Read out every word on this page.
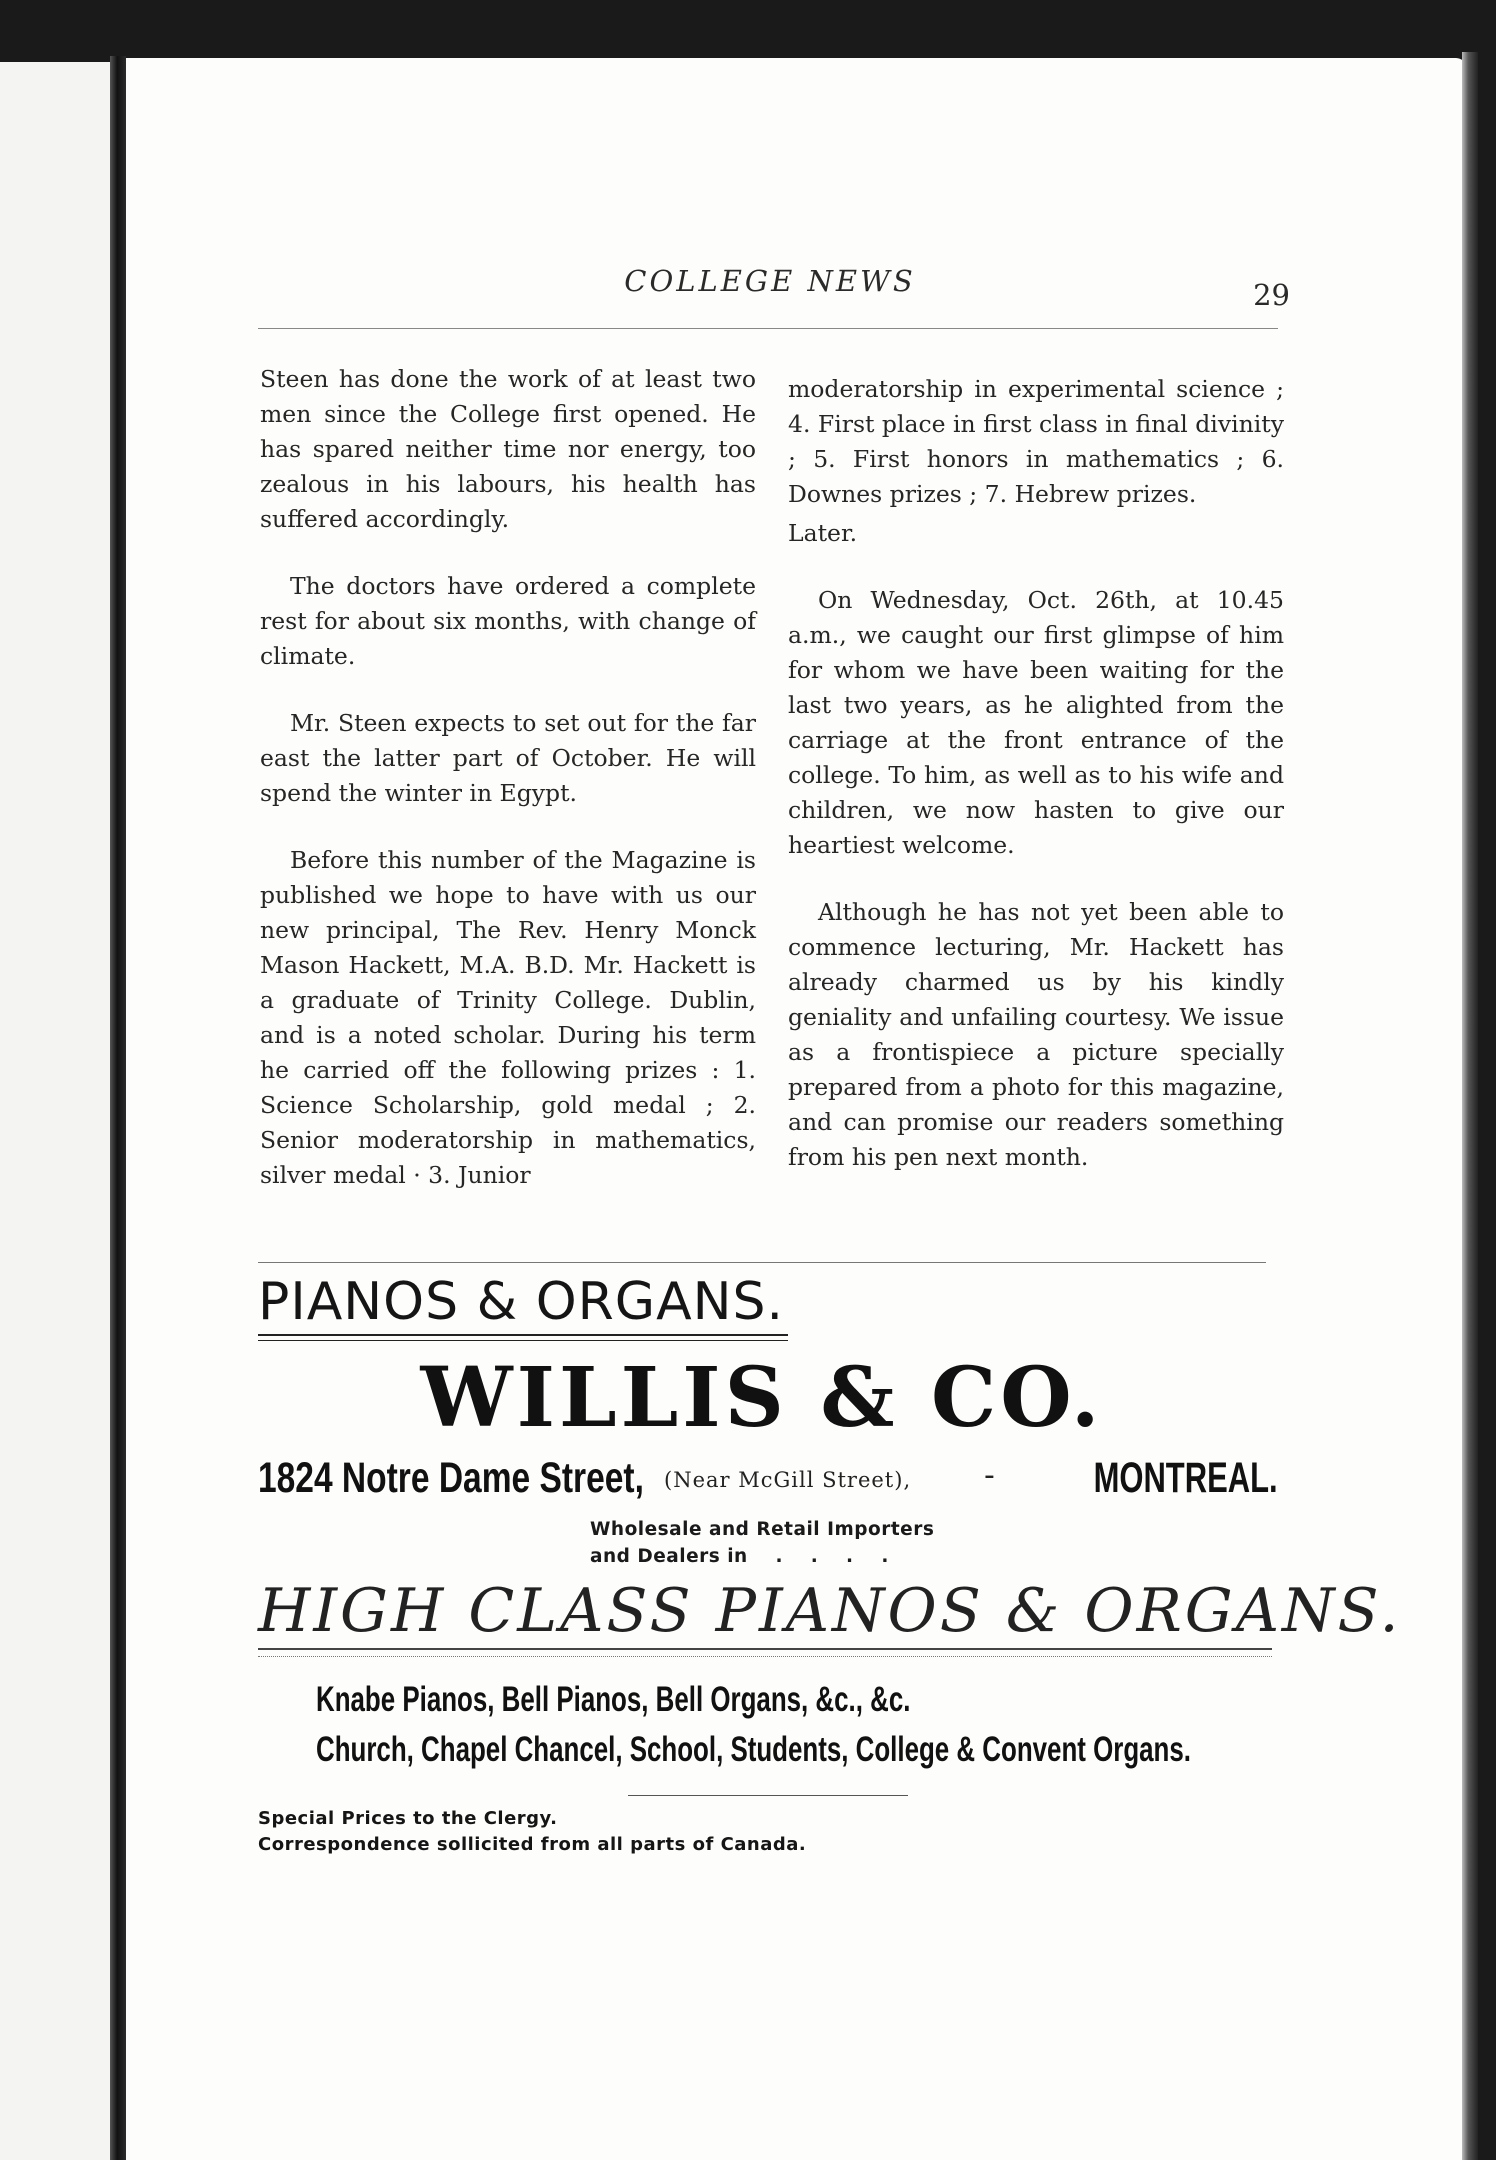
COLLEGE NEWS	29

Steen has done the work of at least two men since the College first opened. He has spared neither time nor energy, too zealous in his labours, his health has suffered accordingly.

The doctors have ordered a complete rest for about six months, with change of climate.

Mr. Steen expects to set out for the far east the latter part of October. He will spend the winter in Egypt.

Before this number of the Magazine is published we hope to have with us our new principal, The Rev. Henry Monck Mason Hackett, M.A. B.D. Mr. Hackett is a graduate of Trinity College. Dublin, and is a noted scholar. During his term he carried off the following prizes : 1. Science Scholarship, gold medal ; 2. Senior moderatorship in mathematics, silver medal · 3. Junior

moderatorship in experimental science ; 4. First place in first class in final divinity ; 5. First honors in mathematics ; 6. Downes prizes ; 7. Hebrew prizes.

Later.

On Wednesday, Oct. 26th, at 10.45 a.m., we caught our first glimpse of him for whom we have been waiting for the last two years, as he alighted from the carriage at the front entrance of the college. To him, as well as to his wife and children, we now hasten to give our heartiest welcome.

Although he has not yet been able to commence lecturing, Mr. Hackett has already charmed us by his kindly geniality and unfailing courtesy. We issue as a frontispiece a picture specially prepared from a photo for this magazine, and can promise our readers something from his pen next month.

PIANOS & ORGANS.
WILLIS & CO.
1824 Notre Dame Street, (Near McGill Street), - MONTREAL.
Wholesale and Retail Importers
and Dealers in    .    .    .    .
HIGH CLASS PIANOS & ORGANS.
Knabe Pianos, Bell Pianos, Bell Organs, &c., &c.
Church, Chapel Chancel, School, Students, College & Convent Organs.
Special Prices to the Clergy.
Correspondence sollicited from all parts of Canada.
